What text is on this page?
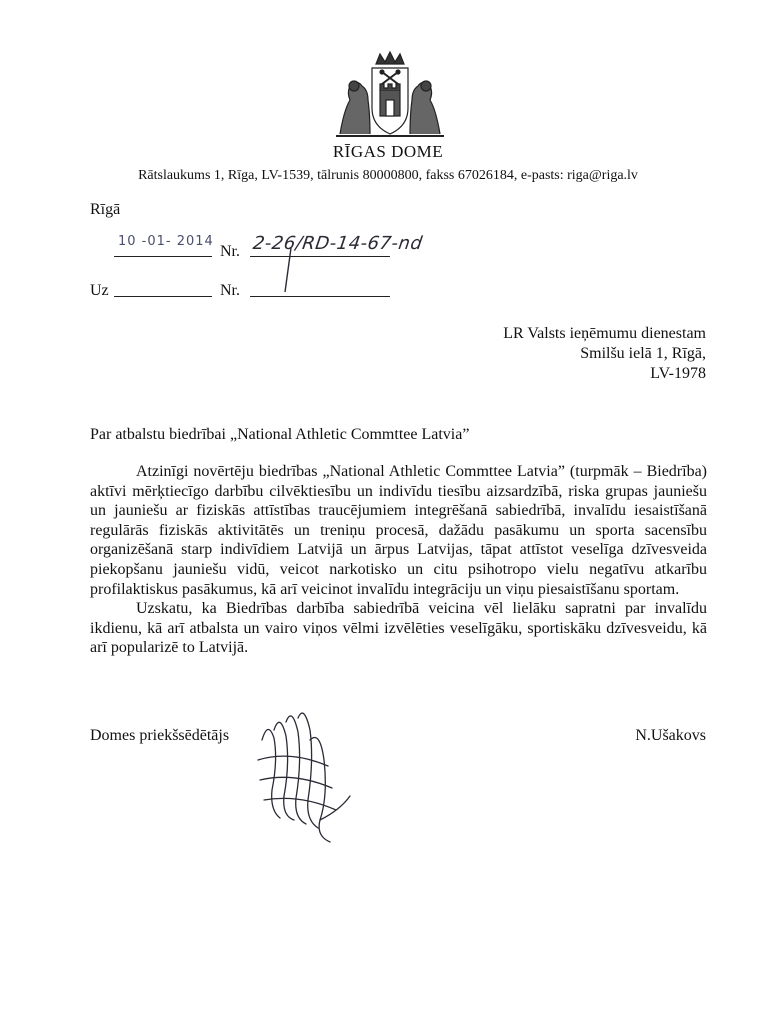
RĪGAS DOME
Rātslaukums 1, Rīga, LV-1539, tālrunis 80000800, fakss 67026184, e-pasts: riga@riga.lv
Rīgā
10 -01- 2014
Nr. 2-26/RD-14-67-nd
Uz	Nr.
LR Valsts ieņēmumu dienestam
Smilšu ielā 1, Rīgā,
LV-1978
Par atbalstu biedrībai „National Athletic Commttee Latvia”

Atzinīgi novērtēju biedrības „National Athletic Commttee Latvia” (turpmāk – Biedrība) aktīvi mērķtiecīgo darbību cilvēktiesību un indivīdu tiesību aizsardzībā, riska grupas jauniešu un jauniešu ar fiziskās attīstības traucējumiem integrēšanā sabiedrībā, invalīdu iesaistīšanā regulārās fiziskās aktivitātēs un treniņu procesā, dažādu pasākumu un sporta sacensību organizēšanā starp indivīdiem Latvijā un ārpus Latvijas, tāpat attīstot veselīga dzīvesveida piekopšanu jauniešu vidū, veicot narkotisko un citu psihotropo vielu negatīvu atkarību profilaktiskus pasākumus, kā arī veicinot invalīdu integrāciju un viņu piesaistīšanu sportam.

Uzskatu, ka Biedrības darbība sabiedrībā veicina vēl lielāku sapratni par invalīdu ikdienu, kā arī atbalsta un vairo viņos vēlmi izvēlēties veselīgāku, sportiskāku dzīvesveidu, kā arī popularizē to Latvijā.

Domes priekšsēdētājs	N.Ušakovs
